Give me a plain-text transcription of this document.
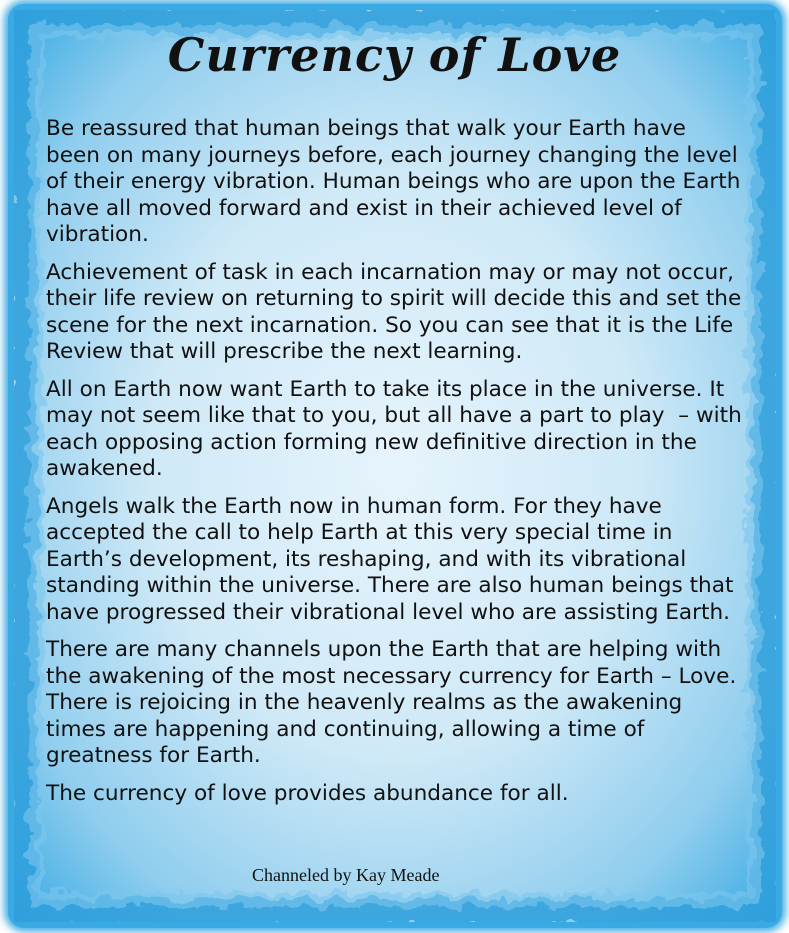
Currency of Love

Be reassured that human beings that walk your Earth have been on many journeys before, each journey changing the level of their energy vibration. Human beings who are upon the Earth have all moved forward and exist in their achieved level of vibration.

Achievement of task in each incarnation may or may not occur, their life review on returning to spirit will decide this and set the scene for the next incarnation. So you can see that it is the Life Review that will prescribe the next learning.

All on Earth now want Earth to take its place in the universe. It may not seem like that to you, but all have a part to play  – with each opposing action forming new definitive direction in the awakened.

Angels walk the Earth now in human form. For they have accepted the call to help Earth at this very special time in Earth’s development, its reshaping, and with its vibrational standing within the universe. There are also human beings that have progressed their vibrational level who are assisting Earth.

There are many channels upon the Earth that are helping with the awakening of the most necessary currency for Earth – Love. There is rejoicing in the heavenly realms as the awakening times are happening and continuing, allowing a time of greatness for Earth.

The currency of love provides abundance for all.

Channeled by Kay Meade
